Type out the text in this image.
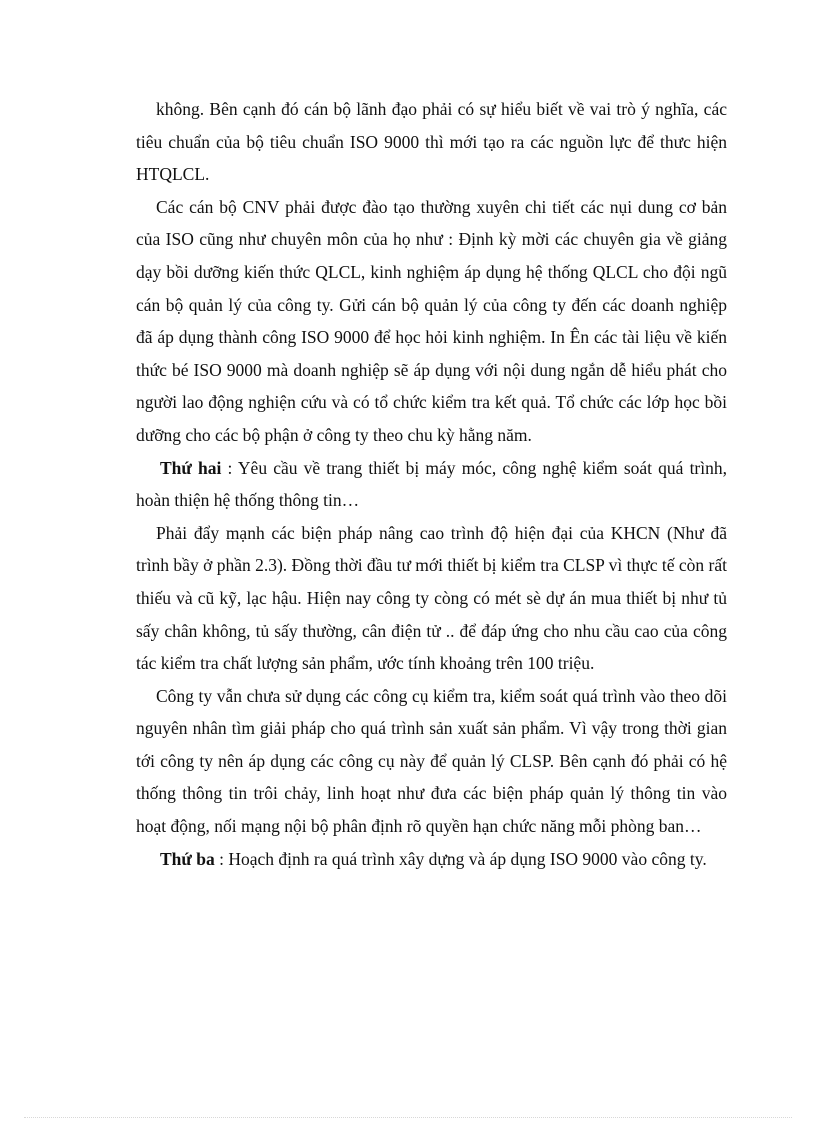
không. Bên cạnh đó cán bộ lãnh đạo phải có sự hiểu biết về vai trò ý nghĩa, các tiêu chuẩn của bộ tiêu chuẩn ISO 9000 thì mới tạo ra các nguồn lực để thưc hiện HTQLCL.

Các cán bộ CNV phải được đào tạo thường xuyên chi tiết các nụi dung cơ bản của ISO cũng như chuyên môn của họ như : Định kỳ mời các chuyên gia về giảng dạy bồi dưỡng kiến thức QLCL, kinh nghiệm áp dụng hệ thống QLCL cho đội ngũ cán bộ quản lý của công ty. Gửi cán bộ quản lý của công ty đến các doanh nghiệp đã áp dụng thành công ISO 9000 để học hỏi kinh nghiệm. In Ên các tài liệu về kiến thức bé ISO 9000 mà doanh nghiệp sẽ áp dụng với nội dung ngắn dễ hiểu phát cho người lao động nghiện cứu và có tổ chức kiểm tra kết quả. Tổ chức các lớp học bồi dưỡng cho các bộ phận ở công ty theo chu kỳ hằng năm.

Thứ hai : Yêu cầu về trang thiết bị máy móc, công nghệ kiểm soát quá trình, hoàn thiện hệ thống thông tin…

Phải đẩy mạnh các biện pháp nâng cao trình độ hiện đại của KHCN (Như đã trình bầy ở phần 2.3). Đồng thời đầu tư mới thiết bị kiểm tra CLSP vì thực tế còn rất thiếu và cũ kỹ, lạc hậu. Hiện nay công ty còng có mét sè dự án mua thiết bị như tủ sấy chân không, tủ sấy thường, cân điện tử .. để đáp ứng cho nhu cầu cao của công tác kiểm tra chất lượng sản phẩm, ước tính khoảng trên 100 triệu.

Công ty vẫn chưa sử dụng các công cụ kiểm tra, kiểm soát quá trình vào theo dõi nguyên nhân tìm giải pháp cho quá trình sản xuất sản phẩm. Vì vậy trong thời gian tới công ty nên áp dụng các công cụ này để quản lý CLSP. Bên cạnh đó phải có hệ thống thông tin trôi chảy, linh hoạt như đưa các biện pháp quản lý thông tin vào hoạt động, nối mạng nội bộ phân định rõ quyền hạn chức năng mỗi phòng ban…

Thứ ba : Hoạch định ra quá trình xây dựng và áp dụng ISO 9000 vào công ty.
